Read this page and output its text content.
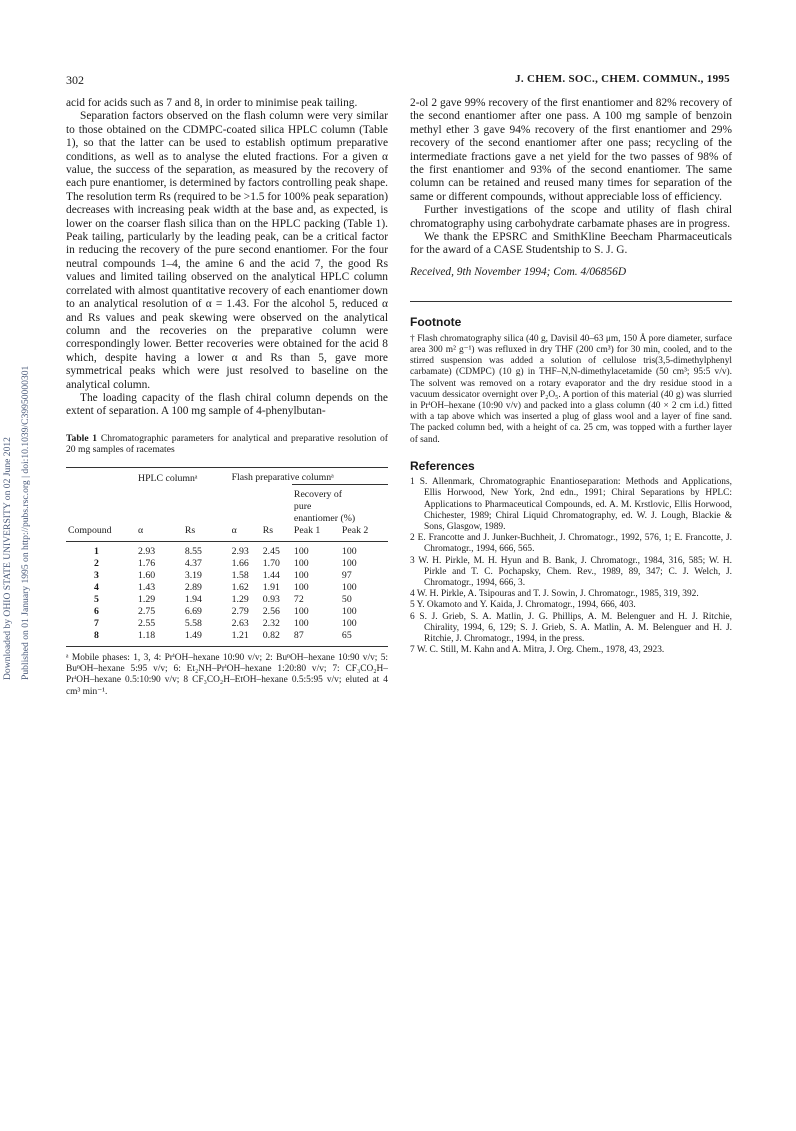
Downloaded by OHIO STATE UNIVERSITY on 02 June 2012 Published on 01 January 1995 on http://pubs.rsc.org | doi:10.1039/C39950000301
302	J. CHEM. SOC., CHEM. COMMUN., 1995

acid for acids such as 7 and 8, in order to minimise peak tailing.

Separation factors observed on the flash column were very similar to those obtained on the CDMPC-coated silica HPLC column (Table 1), so that the latter can be used to establish optimum preparative conditions, as well as to analyse the eluted fractions. For a given α value, the success of the separation, as measured by the recovery of each pure enantiomer, is determined by factors controlling peak shape. The resolution term Rs (required to be >1.5 for 100% peak separation) decreases with increasing peak width at the base and, as expected, is lower on the coarser flash silica than on the HPLC packing (Table 1). Peak tailing, particularly by the leading peak, can be a critical factor in reducing the recovery of the pure second enantiomer. For the four neutral compounds 1–4, the amine 6 and the acid 7, the good Rs values and limited tailing observed on the analytical HPLC column correlated with almost quantitative recovery of each enantiomer down to an analytical resolution of α = 1.43. For the alcohol 5, reduced α and Rs values and peak skewing were observed on the analytical column and the recoveries on the preparative column were correspondingly lower. Better recoveries were obtained for the acid 8 which, despite having a lower α and Rs than 5, gave more symmetrical peaks which were just resolved to baseline on the analytical column.

The loading capacity of the flash chiral column depends on the extent of separation. A 100 mg sample of 4-phenylbutan-

Table 1 Chromatographic parameters for analytical and preparative resolution of 20 mg samples of racemates
	HPLC columnᵃ		Flash preparative columnᵃ			

					Recovery of	
					pure	
					enantiomer (%)	
Compound	α	Rs	α	Rs	Peak 1	Peak 2
1	2.93	8.55	2.93	2.45	100	100
2	1.76	4.37	1.66	1.70	100	100
3	1.60	3.19	1.58	1.44	100	97
4	1.43	2.89	1.62	1.91	100	100
5	1.29	1.94	1.29	0.93	72	50
6	2.75	6.69	2.79	2.56	100	100
7	2.55	5.58	2.63	2.32	100	100
8	1.18	1.49	1.21	0.82	87	65
ᵃ Mobile phases: 1, 3, 4: PrⁱOH–hexane 10:90 v/v; 2: BuⁿOH–hexane 10:90 v/v; 5: BuⁿOH–hexane 5:95 v/v; 6: Et₂NH–PrⁱOH–hexane 1:20:80 v/v; 7: CF₃CO₂H–PrⁱOH–hexane 0.5:10:90 v/v; 8 CF₃CO₂H–EtOH–hexane 0.5:5:95 v/v; eluted at 4 cm³ min⁻¹.

2-ol 2 gave 99% recovery of the first enantiomer and 82% recovery of the second enantiomer after one pass. A 100 mg sample of benzoin methyl ether 3 gave 94% recovery of the first enantiomer and 29% recovery of the second enantiomer after one pass; recycling of the intermediate fractions gave a net yield for the two passes of 98% of the first enantiomer and 93% of the second enantiomer. The same column can be retained and reused many times for separation of the same or different compounds, without appreciable loss of efficiency.

Further investigations of the scope and utility of flash chiral chromatography using carbohydrate carbamate phases are in progress.

We thank the EPSRC and SmithKline Beecham Pharmaceuticals for the award of a CASE Studentship to S. J. G.

Received, 9th November 1994; Com. 4/06856D

Footnote

† Flash chromatography silica (40 g, Davisil 40–63 μm, 150 Å pore diameter, surface area 300 m² g⁻¹) was refluxed in dry THF (200 cm³) for 30 min, cooled, and to the stirred suspension was added a solution of cellulose tris(3,5-dimethylphenyl carbamate) (CDMPC) (10 g) in THF–N,N-dimethylacetamide (50 cm³; 95:5 v/v). The solvent was removed on a rotary evaporator and the dry residue stood in a vacuum dessicator overnight over P₂O₅. A portion of this material (40 g) was slurried in PrⁱOH–hexane (10:90 v/v) and packed into a glass column (40 × 2 cm i.d.) fitted with a tap above which was inserted a plug of glass wool and a layer of fine sand. The packed column bed, with a height of ca. 25 cm, was topped with a further layer of sand.

References

1 S. Allenmark, Chromatographic Enantioseparation: Methods and Applications, Ellis Horwood, New York, 2nd edn., 1991; Chiral Separations by HPLC: Applications to Pharmaceutical Compounds, ed. A. M. Krstlovic, Ellis Horwood, Chichester, 1989; Chiral Liquid Chromatography, ed. W. J. Lough, Blackie & Sons, Glasgow, 1989.

2 E. Francotte and J. Junker-Buchheit, J. Chromatogr., 1992, 576, 1; E. Francotte, J. Chromatogr., 1994, 666, 565.

3 W. H. Pirkle, M. H. Hyun and B. Bank, J. Chromatogr., 1984, 316, 585; W. H. Pirkle and T. C. Pochapsky, Chem. Rev., 1989, 89, 347; C. J. Welch, J. Chromatogr., 1994, 666, 3.

4 W. H. Pirkle, A. Tsipouras and T. J. Sowin, J. Chromatogr., 1985, 319, 392.

5 Y. Okamoto and Y. Kaida, J. Chromatogr., 1994, 666, 403.

6 S. J. Grieb, S. A. Matlin, J. G. Phillips, A. M. Belenguer and H. J. Ritchie, Chirality, 1994, 6, 129; S. J. Grieb, S. A. Matlin, A. M. Belenguer and H. J. Ritchie, J. Chromatogr., 1994, in the press.

7 W. C. Still, M. Kahn and A. Mitra, J. Org. Chem., 1978, 43, 2923.
